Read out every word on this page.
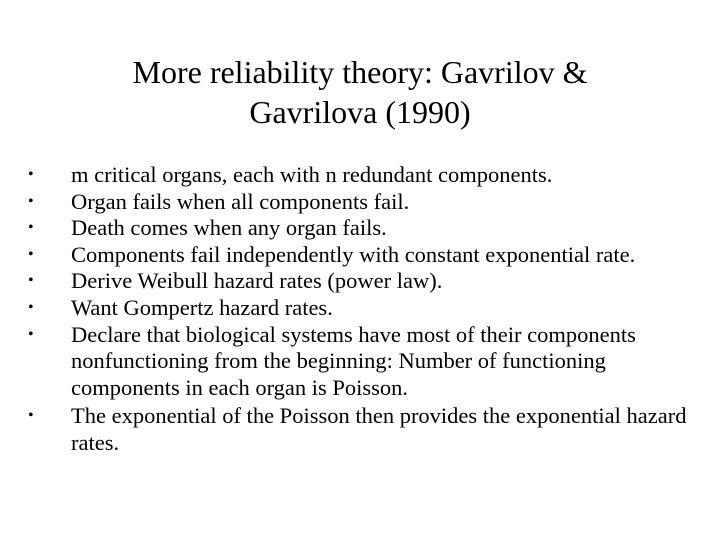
More reliability theory: Gavrilov &
Gavrilova (1990)
•	m critical organs, each with n redundant components.
•	Organ fails when all components fail.
•	Death comes when any organ fails.
•	Components fail independently with constant exponential rate.
•	Derive Weibull hazard rates (power law).
•	Want Gompertz hazard rates.
•	Declare that biological systems have most of their components nonfunctioning from the beginning: Number of functioning components in each organ is Poisson.
•	The exponential of the Poisson then provides the exponential hazard rates.
